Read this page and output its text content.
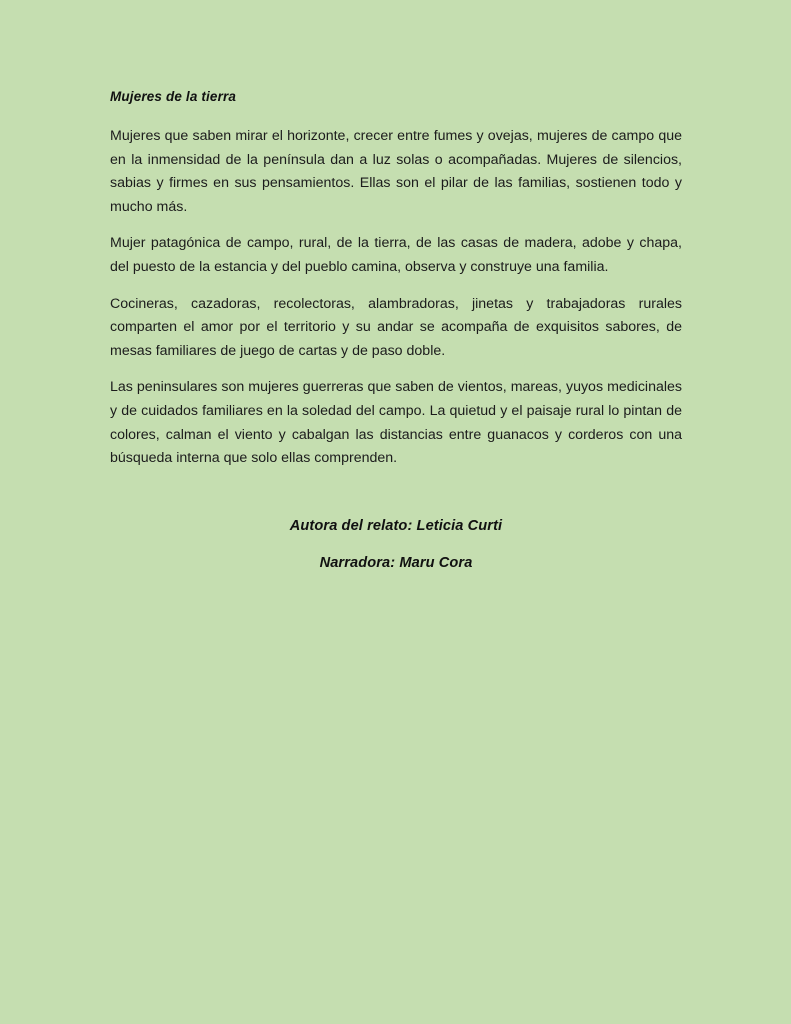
Mujeres de la tierra

Mujeres que saben mirar el horizonte, crecer entre fumes y ovejas, mujeres de campo que en la inmensidad de la península dan a luz solas o acompañadas. Mujeres de silencios, sabias y firmes en sus pensamientos. Ellas son el pilar de las familias, sostienen todo y mucho más.

Mujer patagónica de campo, rural, de la tierra, de las casas de madera, adobe y chapa, del puesto de la estancia y del pueblo camina, observa y construye una familia.

Cocineras, cazadoras, recolectoras, alambradoras, jinetas y trabajadoras rurales comparten el amor por el territorio y su andar se acompaña de exquisitos sabores, de mesas familiares de juego de cartas y de paso doble.

Las peninsulares son mujeres guerreras que saben de vientos, mareas, yuyos medicinales y de cuidados familiares en la soledad del campo. La quietud y el paisaje rural lo pintan de colores, calman el viento y cabalgan las distancias entre guanacos y corderos con una búsqueda interna que solo ellas comprenden.

Autora del relato: Leticia Curti

Narradora: Maru Cora
